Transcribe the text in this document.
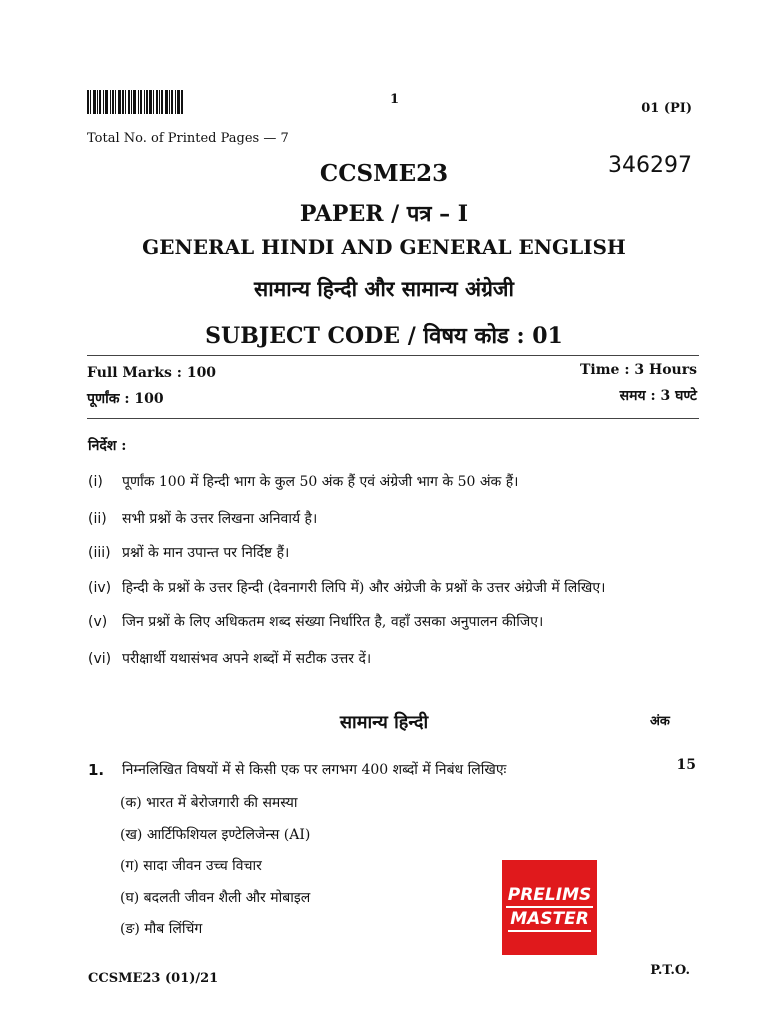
1
01 (PI)
Total No. of Printed Pages — 7
346297
CCSME23
PAPER / पत्र – I
GENERAL HINDI AND GENERAL ENGLISH
सामान्य हिन्दी और सामान्य अंग्रेजी
SUBJECT CODE / विषय कोड : 01
Full Marks : 100
पूर्णांक : 100
Time : 3 Hours
समय : 3 घण्टे
निर्देश :
(i) पूर्णांक 100 में हिन्दी भाग के कुल 50 अंक हैं एवं अंग्रेजी भाग के 50 अंक हैं।
(ii) सभी प्रश्नों के उत्तर लिखना अनिवार्य है।
(iii) प्रश्नों के मान उपान्त पर निर्दिष्ट हैं।
(iv) हिन्दी के प्रश्नों के उत्तर हिन्दी (देवनागरी लिपि में) और अंग्रेजी के प्रश्नों के उत्तर अंग्रेजी में लिखिए।
(v) जिन प्रश्नों के लिए अधिकतम शब्द संख्या निर्धारित है, वहाँ उसका अनुपालन कीजिए।
(vi) परीक्षार्थी यथासंभव अपने शब्दों में सटीक उत्तर दें।
सामान्य हिन्दी	अंक
1. निम्नलिखित विषयों में से किसी एक पर लगभग 400 शब्दों में निबंध लिखिएः	15
(क) भारत में बेरोजगारी की समस्या
(ख) आर्टिफिशियल इण्टेलिजेन्स (AI)
(ग) सादा जीवन उच्च विचार
(घ) बदलती जीवन शैली और मोबाइल
(ङ) मौब लिंचिंग
PRELIMS
MASTER
CCSME23 (01)/21
P.T.O.
